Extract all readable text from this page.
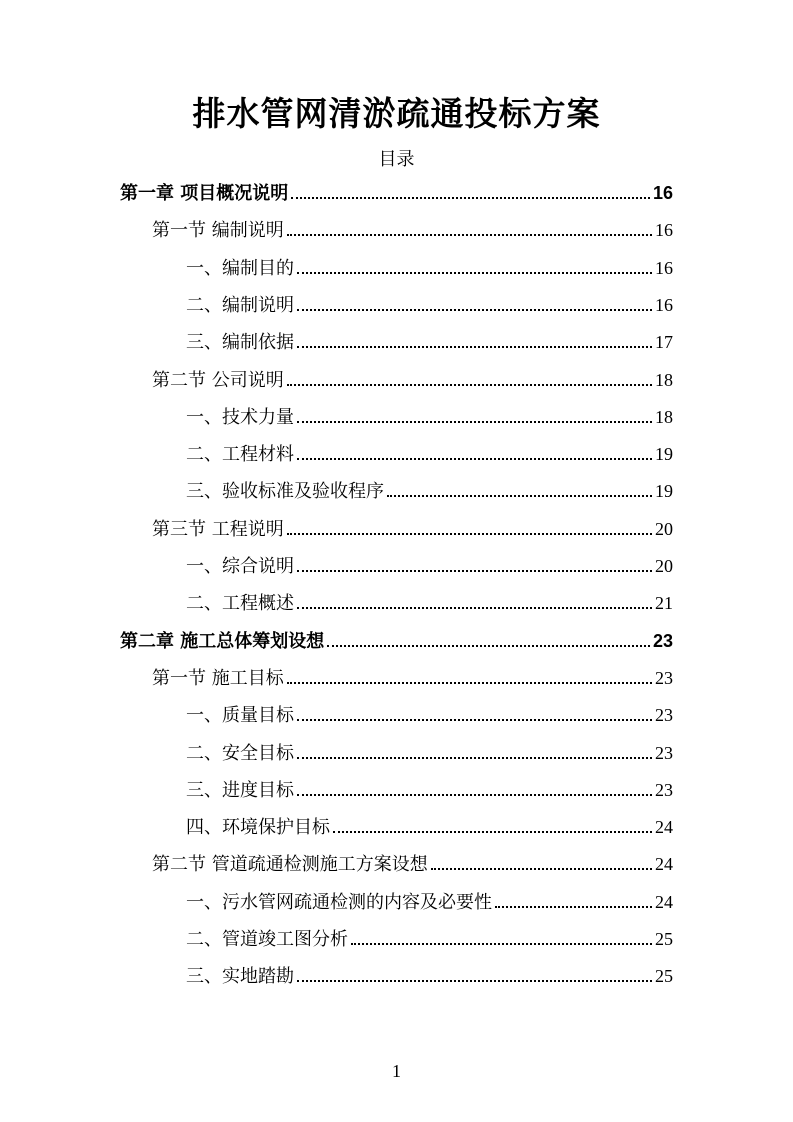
排水管网清淤疏通投标方案
目录
第一章 项目概况说明	16
第一节 编制说明	16
一、编制目的	16
二、编制说明	16
三、编制依据	17
第二节 公司说明	18
一、技术力量	18
二、工程材料	19
三、验收标准及验收程序	19
第三节 工程说明	20
一、综合说明	20
二、工程概述	21
第二章 施工总体筹划设想	23
第一节 施工目标	23
一、质量目标	23
二、安全目标	23
三、进度目标	23
四、环境保护目标	24
第二节 管道疏通检测施工方案设想	24
一、污水管网疏通检测的内容及必要性	24
二、管道竣工图分析	25
三、实地踏勘	25
1
